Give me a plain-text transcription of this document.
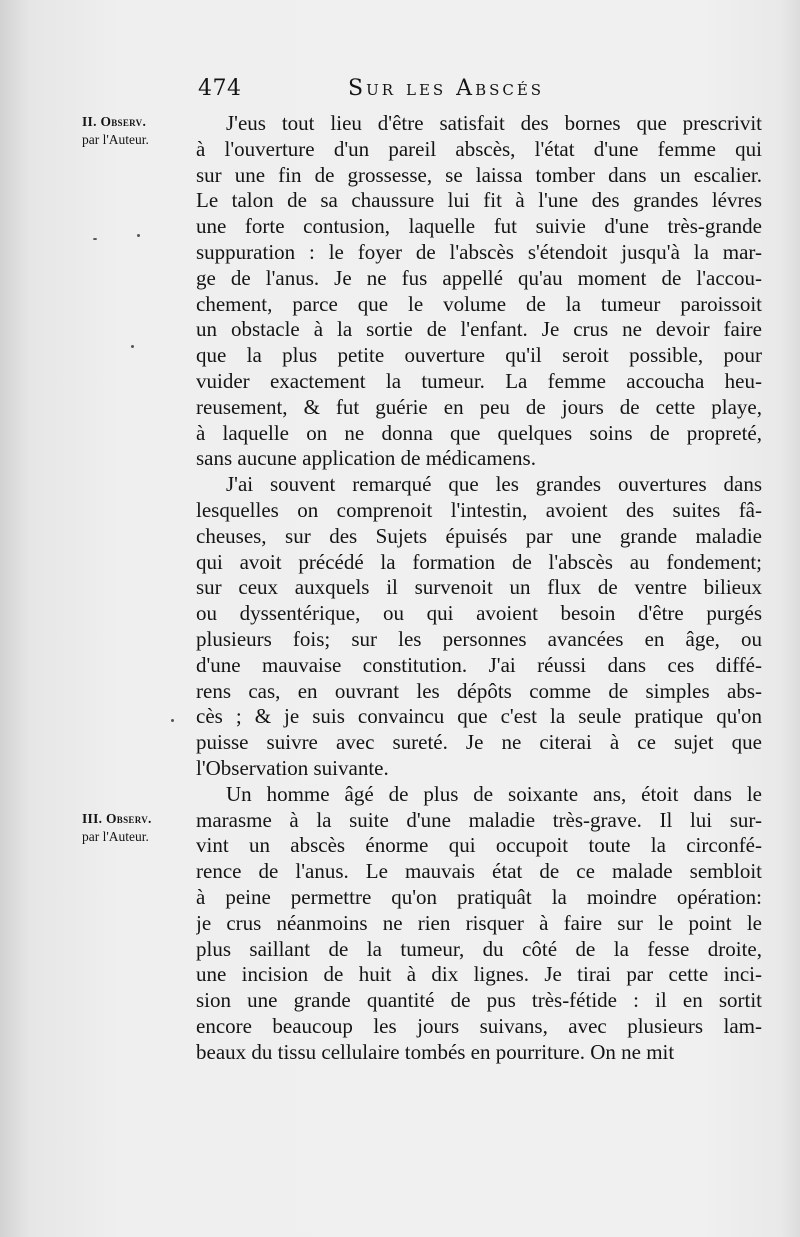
474	Sur les Abscés
II. Observ.
par l'Auteur.
III. Observ.
par l'Auteur.
J'eus tout lieu d'être satisfait des bornes que prescrivit
à l'ouverture d'un pareil abscès, l'état d'une femme qui
sur une fin de grossesse, se laissa tomber dans un escalier.
Le talon de sa chaussure lui fit à l'une des grandes lévres
une forte contusion, laquelle fut suivie d'une très-grande
suppuration : le foyer de l'abscès s'étendoit jusqu'à la mar-
ge de l'anus. Je ne fus appellé qu'au moment de l'accou-
chement, parce que le volume de la tumeur paroissoit
un obstacle à la sortie de l'enfant. Je crus ne devoir faire
que la plus petite ouverture qu'il seroit possible, pour
vuider exactement la tumeur. La femme accoucha heu-
reusement, & fut guérie en peu de jours de cette playe,
à laquelle on ne donna que quelques soins de propreté,
sans aucune application de médicamens.
J'ai souvent remarqué que les grandes ouvertures dans
lesquelles on comprenoit l'intestin, avoient des suites fâ-
cheuses, sur des Sujets épuisés par une grande maladie
qui avoit précédé la formation de l'abscès au fondement;
sur ceux auxquels il survenoit un flux de ventre bilieux
ou dyssentérique, ou qui avoient besoin d'être purgés
plusieurs fois; sur les personnes avancées en âge, ou
d'une mauvaise constitution. J'ai réussi dans ces diffé-
rens cas, en ouvrant les dépôts comme de simples abs-
cès ; & je suis convaincu que c'est la seule pratique qu'on
puisse suivre avec sureté. Je ne citerai à ce sujet que
l'Observation suivante.
Un homme âgé de plus de soixante ans, étoit dans le
marasme à la suite d'une maladie très-grave. Il lui sur-
vint un abscès énorme qui occupoit toute la circonfé-
rence de l'anus. Le mauvais état de ce malade sembloit
à peine permettre qu'on pratiquât la moindre opération:
je crus néanmoins ne rien risquer à faire sur le point le
plus saillant de la tumeur, du côté de la fesse droite,
une incision de huit à dix lignes. Je tirai par cette inci-
sion une grande quantité de pus très-fétide : il en sortit
encore beaucoup les jours suivans, avec plusieurs lam-
beaux du tissu cellulaire tombés en pourriture. On ne mit
